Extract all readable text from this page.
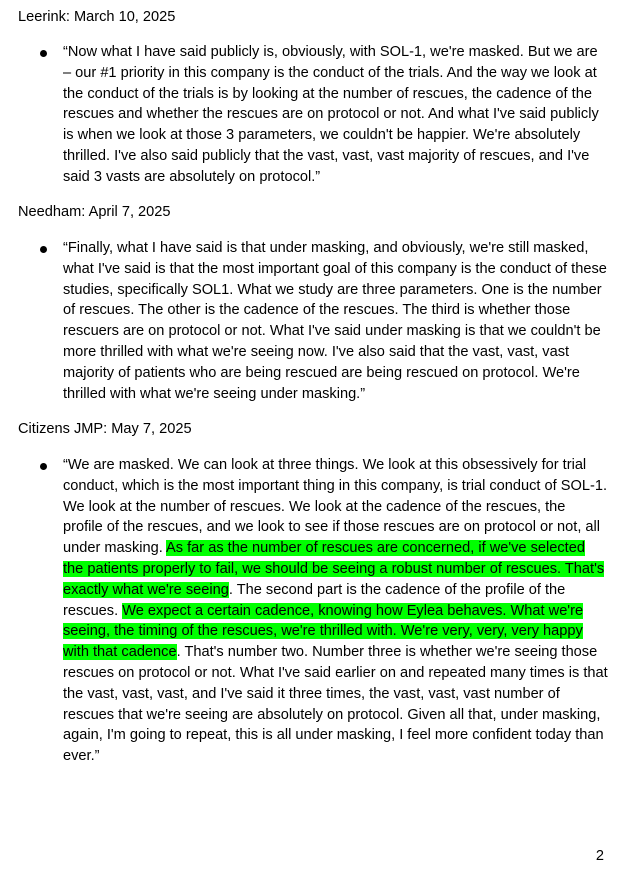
Leerink: March 10, 2025

“Now what I have said publicly is, obviously, with SOL-1, we're masked. But we are – our #1 priority in this company is the conduct of the trials. And the way we look at the conduct of the trials is by looking at the number of rescues, the cadence of the rescues and whether the rescues are on protocol or not. And what I've said publicly is when we look at those 3 parameters, we couldn't be happier. We're absolutely thrilled. I've also said publicly that the vast, vast, vast majority of rescues, and I've said 3 vasts are absolutely on protocol.”

Needham: April 7, 2025

“Finally, what I have said is that under masking, and obviously, we're still masked, what I've said is that the most important goal of this company is the conduct of these studies, specifically SOL1. What we study are three parameters. One is the number of rescues. The other is the cadence of the rescues. The third is whether those rescuers are on protocol or not. What I've said under masking is that we couldn't be more thrilled with what we're seeing now. I've also said that the vast, vast, vast majority of patients who are being rescued are being rescued on protocol. We're thrilled with what we're seeing under masking.”

Citizens JMP: May 7, 2025

“We are masked. We can look at three things. We look at this obsessively for trial conduct, which is the most important thing in this company, is trial conduct of SOL-1. We look at the number of rescues. We look at the cadence of the rescues, the profile of the rescues, and we look to see if those rescues are on protocol or not, all under masking. As far as the number of rescues are concerned, if we've selected the patients properly to fail, we should be seeing a robust number of rescues. That's exactly what we're seeing. The second part is the cadence of the profile of the rescues. We expect a certain cadence, knowing how Eylea behaves. What we're seeing, the timing of the rescues, we're thrilled with. We're very, very, very happy with that cadence. That's number two. Number three is whether we're seeing those rescues on protocol or not. What I've said earlier on and repeated many times is that the vast, vast, vast, and I've said it three times, the vast, vast, vast number of rescues that we're seeing are absolutely on protocol. Given all that, under masking, again, I'm going to repeat, this is all under masking, I feel more confident today than ever.”

2
